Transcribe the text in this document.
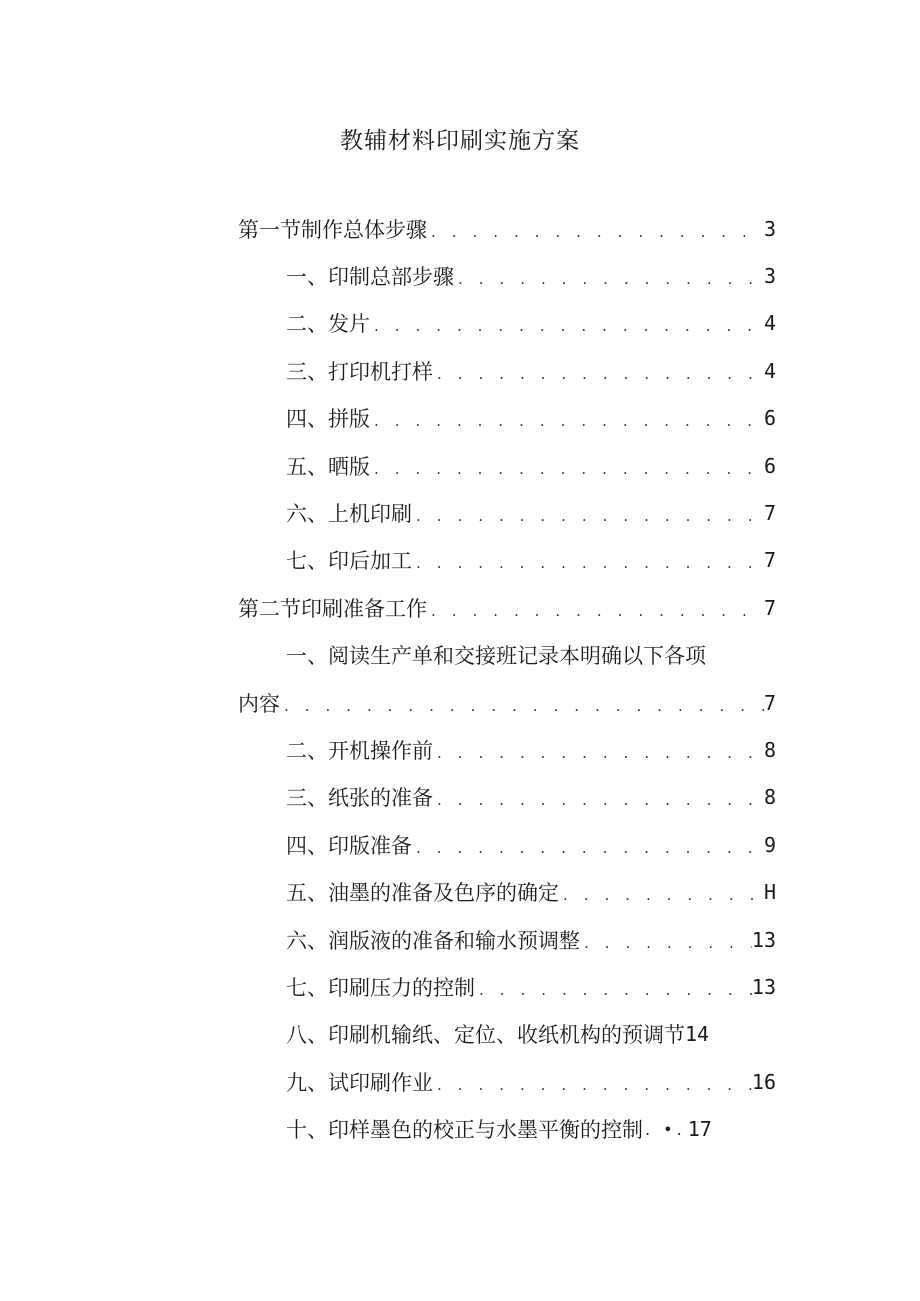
教辅材料印刷实施方案
第一节制作总体步骤 . . .	3
一、印制总部步骤 . . .	3
二、发片 . . .	4
三、打印机打样 . . .	4
四、拼版 . . .	6
五、晒版 . . .	6
六、上机印刷 . . .	7
七、印后加工 . . .	7
第二节印刷准备工作 . . .	7
一、阅读生产单和交接班记录本明确以下各项
内容 . . .	7
二、开机操作前 . . .	8
三、纸张的准备 . . .	8
四、印版准备 . . .	9
五、油墨的准备及色序的确定 . . .	H
六、润版液的准备和输水预调整 . . .	13
七、印刷压力的控制 . . .	13
八、印刷机输纸、定位、收纸机构的预调节 14
九、试印刷作业 . . .	16
十、印样墨色的校正与水墨平衡的控制 . •. 17
